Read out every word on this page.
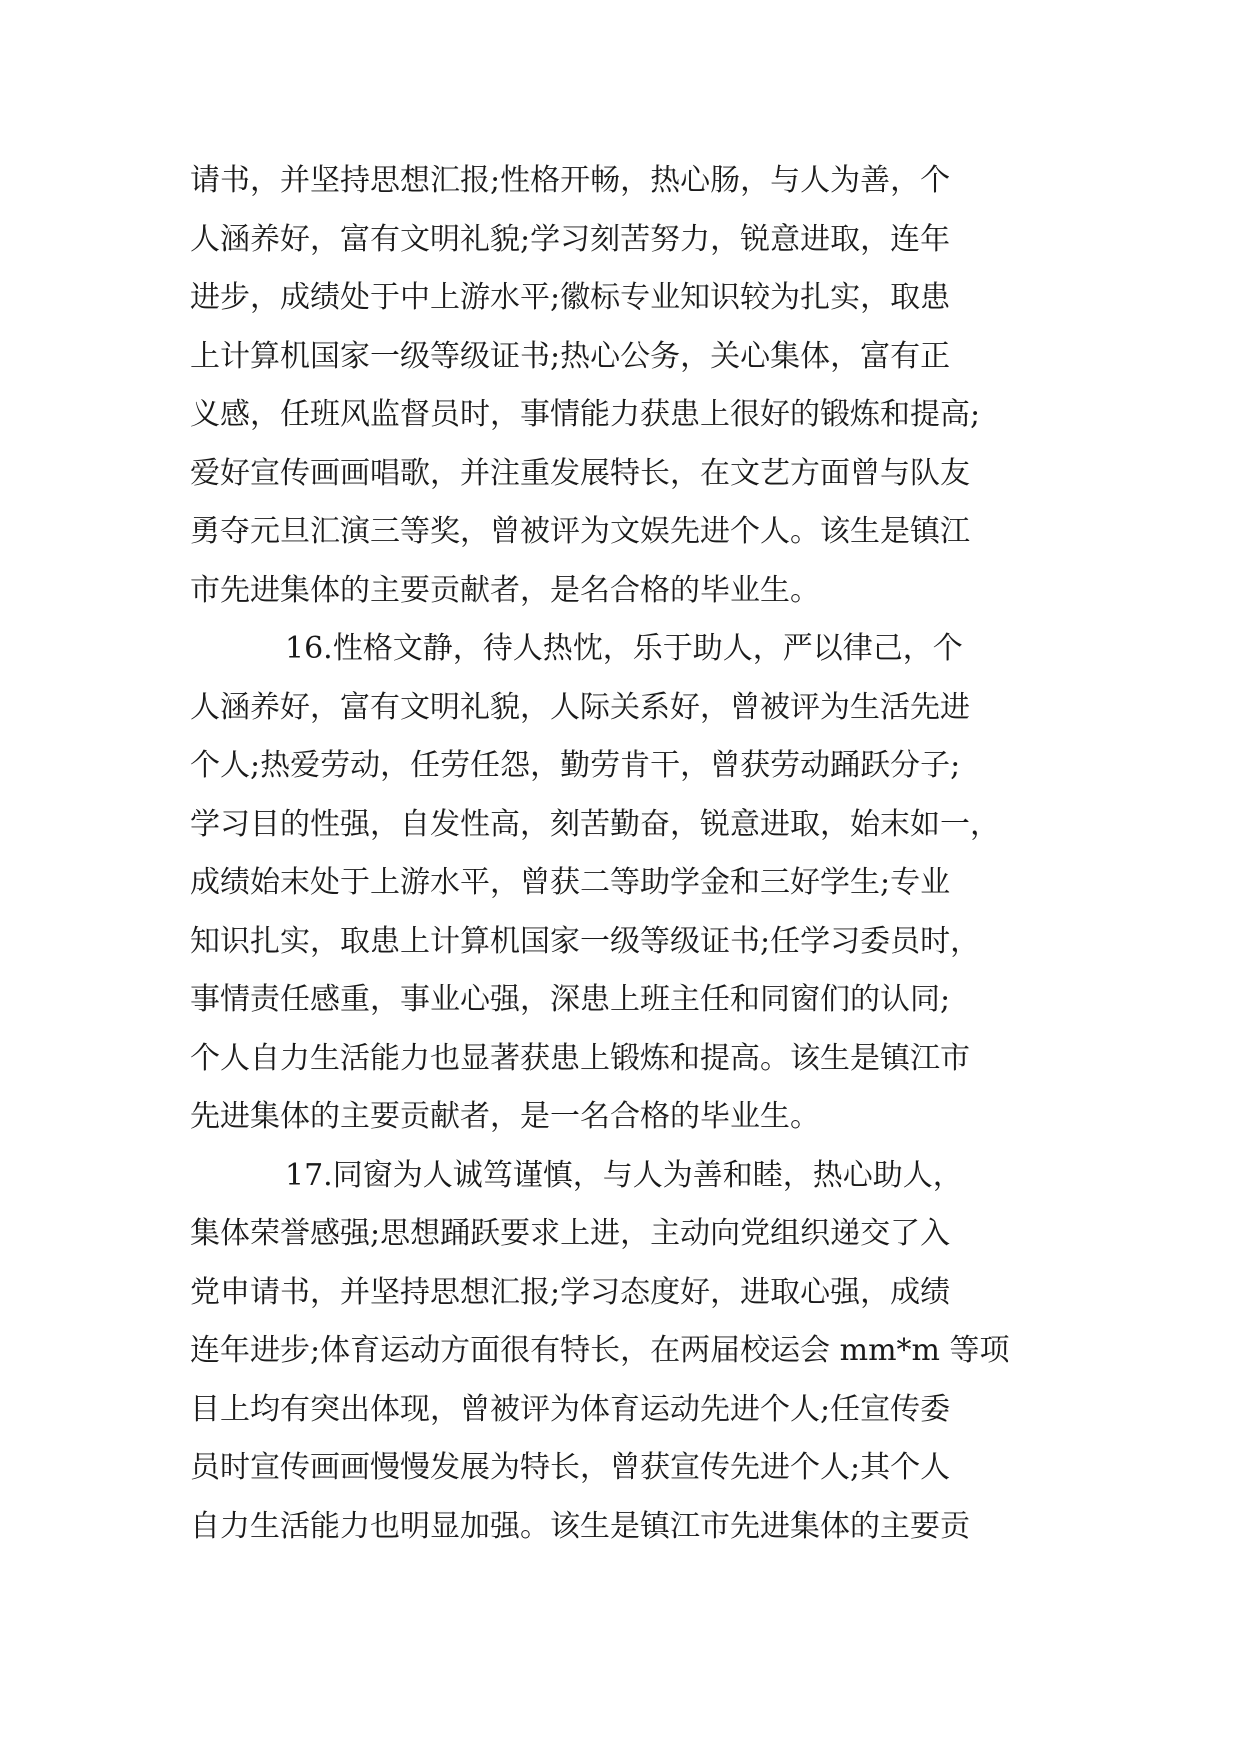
请书，并坚持思想汇报;性格开畅，热心肠，与人为善，个
人涵养好，富有文明礼貌;学习刻苦努力，锐意进取，连年
进步，成绩处于中上游水平;徽标专业知识较为扎实，取患
上计算机国家一级等级证书;热心公务，关心集体，富有正
义感，任班风监督员时，事情能力获患上很好的锻炼和提高;
爱好宣传画画唱歌，并注重发展特长，在文艺方面曾与队友
勇夺元旦汇演三等奖，曾被评为文娱先进个人。该生是镇江
市先进集体的主要贡献者，是名合格的毕业生。
16.性格文静，待人热忱，乐于助人，严以律己，个
人涵养好，富有文明礼貌，人际关系好，曾被评为生活先进
个人;热爱劳动，任劳任怨，勤劳肯干，曾获劳动踊跃分子;
学习目的性强，自发性高，刻苦勤奋，锐意进取，始末如一，
成绩始末处于上游水平，曾获二等助学金和三好学生;专业
知识扎实，取患上计算机国家一级等级证书;任学习委员时，
事情责任感重，事业心强，深患上班主任和同窗们的认同;
个人自力生活能力也显著获患上锻炼和提高。该生是镇江市
先进集体的主要贡献者，是一名合格的毕业生。
17.同窗为人诚笃谨慎，与人为善和睦，热心助人，
集体荣誉感强;思想踊跃要求上进，主动向党组织递交了入
党申请书，并坚持思想汇报;学习态度好，进取心强，成绩
连年进步;体育运动方面很有特长，在两届校运会 mm*m 等项
目上均有突出体现，曾被评为体育运动先进个人;任宣传委
员时宣传画画慢慢发展为特长，曾获宣传先进个人;其个人
自力生活能力也明显加强。该生是镇江市先进集体的主要贡
